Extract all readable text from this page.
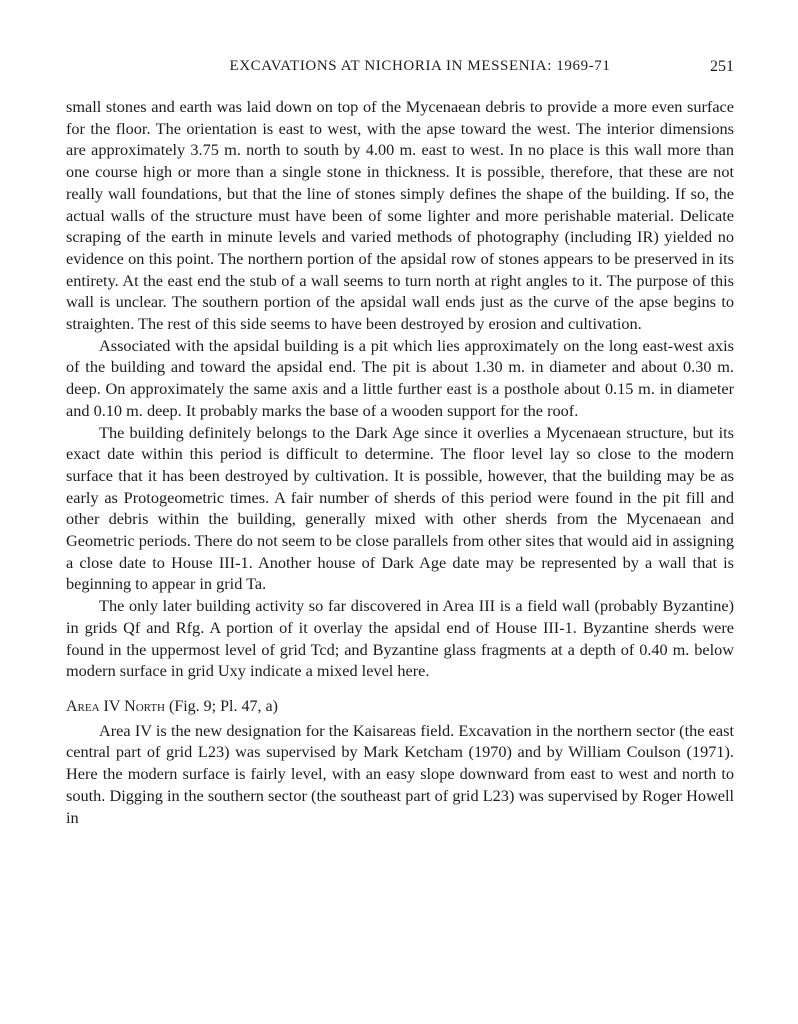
EXCAVATIONS AT NICHORIA IN MESSENIA: 1969-71	251

small stones and earth was laid down on top of the Mycenaean debris to provide a more even surface for the floor. The orientation is east to west, with the apse toward the west. The interior dimensions are approximately 3.75 m. north to south by 4.00 m. east to west. In no place is this wall more than one course high or more than a single stone in thickness. It is possible, therefore, that these are not really wall foundations, but that the line of stones simply defines the shape of the building. If so, the actual walls of the structure must have been of some lighter and more perishable material. Delicate scraping of the earth in minute levels and varied methods of photography (including IR) yielded no evidence on this point. The northern portion of the apsidal row of stones appears to be preserved in its entirety. At the east end the stub of a wall seems to turn north at right angles to it. The purpose of this wall is unclear. The southern portion of the apsidal wall ends just as the curve of the apse begins to straighten. The rest of this side seems to have been destroyed by erosion and cultivation.

Associated with the apsidal building is a pit which lies approximately on the long east-west axis of the building and toward the apsidal end. The pit is about 1.30 m. in diameter and about 0.30 m. deep. On approximately the same axis and a little further east is a posthole about 0.15 m. in diameter and 0.10 m. deep. It probably marks the base of a wooden support for the roof.

The building definitely belongs to the Dark Age since it overlies a Mycenaean structure, but its exact date within this period is difficult to determine. The floor level lay so close to the modern surface that it has been destroyed by cultivation. It is possible, however, that the building may be as early as Protogeometric times. A fair number of sherds of this period were found in the pit fill and other debris within the building, generally mixed with other sherds from the Mycenaean and Geometric periods. There do not seem to be close parallels from other sites that would aid in assigning a close date to House III-1. Another house of Dark Age date may be represented by a wall that is beginning to appear in grid Ta.

The only later building activity so far discovered in Area III is a field wall (probably Byzantine) in grids Qf and Rfg. A portion of it overlay the apsidal end of House III-1. Byzantine sherds were found in the uppermost level of grid Tcd; and Byzantine glass fragments at a depth of 0.40 m. below modern surface in grid Uxy indicate a mixed level here.

Area IV North (Fig. 9; Pl. 47, a)

Area IV is the new designation for the Kaisareas field. Excavation in the northern sector (the east central part of grid L23) was supervised by Mark Ketcham (1970) and by William Coulson (1971). Here the modern surface is fairly level, with an easy slope downward from east to west and north to south. Digging in the southern sector (the southeast part of grid L23) was supervised by Roger Howell in
